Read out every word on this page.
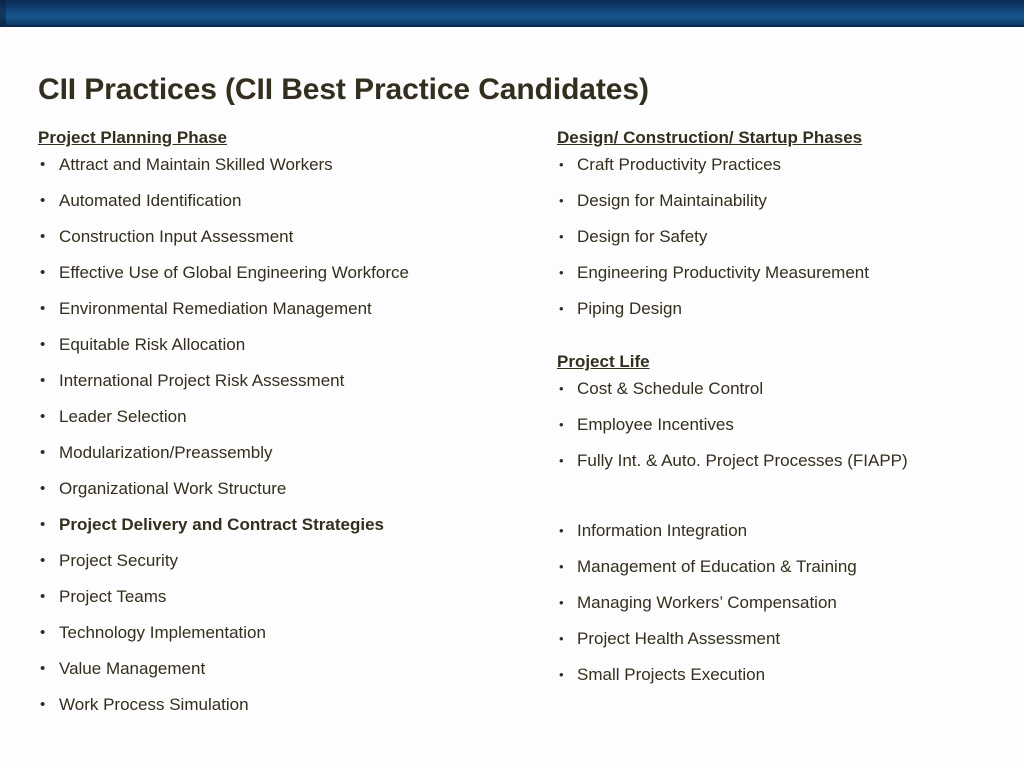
CII Practices (CII Best Practice Candidates)
Project Planning Phase
• Attract and Maintain Skilled Workers
• Automated Identification
• Construction Input Assessment
• Effective Use of Global Engineering Workforce
• Environmental Remediation Management
• Equitable Risk Allocation
• International Project Risk Assessment
• Leader Selection
• Modularization/Preassembly
• Organizational Work Structure
• Project Delivery and Contract Strategies
• Project Security
• Project Teams
• Technology Implementation
• Value Management
• Work Process Simulation
Design/ Construction/ Startup Phases
• Craft Productivity Practices
• Design for Maintainability
• Design for Safety
• Engineering Productivity Measurement
• Piping Design
Project Life
• Cost & Schedule Control
• Employee Incentives
• Fully Int. & Auto. Project Processes (FIAPP)
• Information Integration
• Management of Education & Training
• Managing Workers’ Compensation
• Project Health Assessment
• Small Projects Execution
